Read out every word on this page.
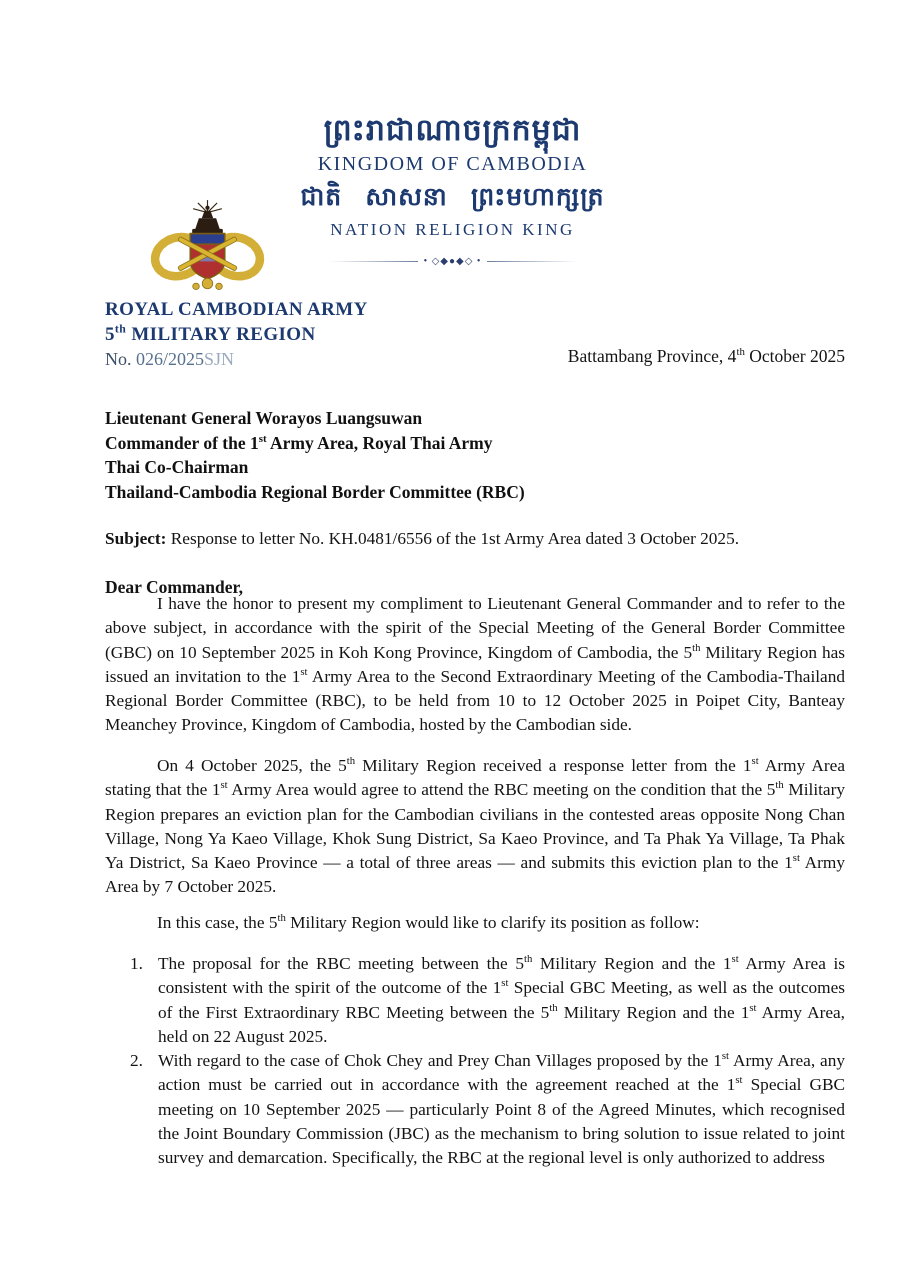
ព្រះរាជាណាចក្រកម្ពុជា
KINGDOM OF CAMBODIA
ជាតិ សាសនា ព្រះមហាក្សត្រ
NATION RELIGION KING
• ◇◆●◆◇ •
ROYAL CAMBODIAN ARMY
5th MILITARY REGION
No. 026/2025SJN	Battambang Province, 4th October 2025
Lieutenant General Worayos Luangsuwan
Commander of the 1st Army Area, Royal Thai Army
Thai Co-Chairman
Thailand-Cambodia Regional Border Committee (RBC)
Subject: Response to letter No. KH.0481/6556 of the 1st Army Area dated 3 October 2025.
Dear Commander,
I have the honor to present my compliment to Lieutenant General Commander and to refer to the above subject, in accordance with the spirit of the Special Meeting of the General Border Committee (GBC) on 10 September 2025 in Koh Kong Province, Kingdom of Cambodia, the 5th Military Region has issued an invitation to the 1st Army Area to the Second Extraordinary Meeting of the Cambodia-Thailand Regional Border Committee (RBC), to be held from 10 to 12 October 2025 in Poipet City, Banteay Meanchey Province, Kingdom of Cambodia, hosted by the Cambodian side.
On 4 October 2025, the 5th Military Region received a response letter from the 1st Army Area stating that the 1st Army Area would agree to attend the RBC meeting on the condition that the 5th Military Region prepares an eviction plan for the Cambodian civilians in the contested areas opposite Nong Chan Village, Nong Ya Kaeo Village, Khok Sung District, Sa Kaeo Province, and Ta Phak Ya Village, Ta Phak Ya District, Sa Kaeo Province — a total of three areas — and submits this eviction plan to the 1st Army Area by 7 October 2025.
In this case, the 5th Military Region would like to clarify its position as follow:
1. The proposal for the RBC meeting between the 5th Military Region and the 1st Army Area is consistent with the spirit of the outcome of the 1st Special GBC Meeting, as well as the outcomes of the First Extraordinary RBC Meeting between the 5th Military Region and the 1st Army Area, held on 22 August 2025.
2. With regard to the case of Chok Chey and Prey Chan Villages proposed by the 1st Army Area, any action must be carried out in accordance with the agreement reached at the 1st Special GBC meeting on 10 September 2025 — particularly Point 8 of the Agreed Minutes, which recognised the Joint Boundary Commission (JBC) as the mechanism to bring solution to issue related to joint survey and demarcation. Specifically, the RBC at the regional level is only authorized to address
